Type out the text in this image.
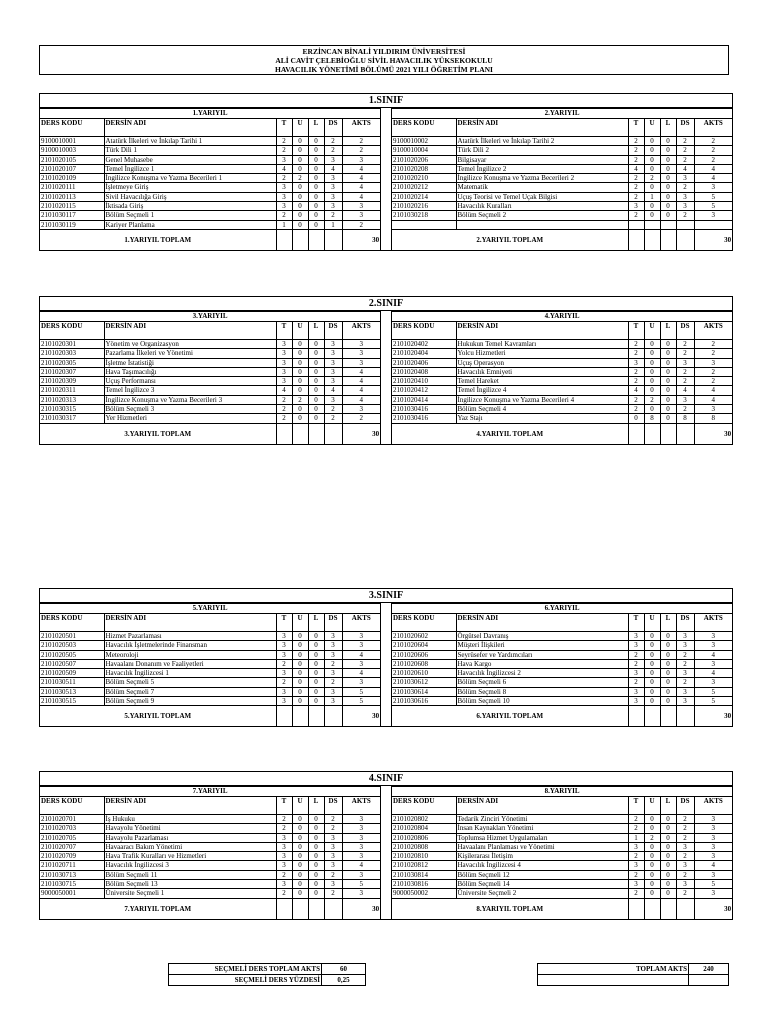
ERZİNCAN BİNALİ YILDIRIM ÜNİVERSİTESİ
ALİ CAVİT ÇELEBİOĞLU SİVİL HAVACILIK YÜKSEKOKULU
HAVACILIK YÖNETİMİ BÖLÜMÜ 2021 YILI ÖĞRETİM PLANI
1.SINIF
1.YARIYIL						
DERS KODU	DERSİN ADI	T	U	L	DS	AKTS
9100010001	Atatürk İlkeleri ve İnkılap Tarihi 1	2	0	0	2	2
9100010003	Türk Dili 1	2	0	0	2	2
2101020105	Genel Muhasebe	3	0	0	3	3
2101020107	Temel İngilizce 1	4	0	0	4	4
2101020109	İngilizce Konuşma ve Yazma Becerileri 1	2	2	0	3	4
2101020111	İşletmeye Giriş	3	0	0	3	4
2101020113	Sivil Havacılığa Giriş	3	0	0	3	4
2101020115	İktisada Giriş	3	0	0	3	3
2101030117	Bölüm Seçmeli 1	2	0	0	2	3
2101030119	Kariyer Planlama	1	0	0	1	2
1.YARIYIL TOPLAM						30
2.YARIYIL						
DERS KODU	DERSİN ADI	T	U	L	DS	AKTS
9100010002	Atatürk İlkeleri ve İnkılap Tarihi 2	2	0	0	2	2
9100010004	Türk Dili 2	2	0	0	2	2
2101020206	Bilgisayar	2	0	0	2	2
2101020208	Temel İngilizce 2	4	0	0	4	4
2101020210	İngilizce Konuşma ve Yazma Becerileri 2	2	2	0	3	4
2101020212	Matematik	2	0	0	2	3
2101020214	Uçuş Teorisi ve Temel Uçak Bilgisi	2	1	0	3	5
2101020216	Havacılık Kuralları	3	0	0	3	5
2101030218	Bölüm Seçmeli 2	2	0	0	2	3

2.YARIYIL TOPLAM						30
2.SINIF
3.YARIYIL						
DERS KODU	DERSİN ADI	T	U	L	DS	AKTS
2101020301	Yönetim ve Organizasyon	3	0	0	3	3
2101020303	Pazarlama İlkeleri ve Yönetimi	3	0	0	3	3
2101020305	İşletme İstatistiği	3	0	0	3	3
2101020307	Hava Taşımacılığı	3	0	0	3	4
2101020309	Uçuş Performansı	3	0	0	3	4
2101020311	Temel İngilizce 3	4	0	0	4	4
2101020313	İngilizce Konuşma ve Yazma Becerileri 3	2	2	0	3	4
2101030315	Bölüm Seçmeli 3	2	0	0	2	3
2101030317	Yer Hizmetleri	2	0	0	2	2
3.YARIYIL TOPLAM						30
4.YARIYIL						
DERS KODU	DERSİN ADI	T	U	L	DS	AKTS
2101020402	Hukukun Temel Kavramları	2	0	0	2	2
2101020404	Yolcu Hizmetleri	2	0	0	2	2
2101020406	Uçuş Operasyon	3	0	0	3	3
2101020408	Havacılık Emniyeti	2	0	0	2	2
2101020410	Temel Hareket	2	0	0	2	2
2101020412	Temel İngilizce 4	4	0	0	4	4
2101020414	İngilizce Konuşma ve Yazma Becerileri 4	2	2	0	3	4
2101030416	Bölüm Seçmeli 4	2	0	0	2	3
2101030416	Yaz Stajı	0	8	0	8	8
4.YARIYIL TOPLAM						30
3.SINIF
5.YARIYIL						
DERS KODU	DERSİN ADI	T	U	L	DS	AKTS
2101020501	Hizmet Pazarlaması	3	0	0	3	3
2101020503	Havacılık İşletmelerinde Finansman	3	0	0	3	3
2101020505	Meteoroloji	3	0	0	3	4
2101020507	Havaalanı Donanım ve Faaliyetleri	2	0	0	2	3
2101020509	Havacılık İngilizcesi 1	3	0	0	3	4
2101030511	Bölüm Seçmeli 5	2	0	0	2	3
2101030513	Bölüm Seçmeli 7	3	0	0	3	5
2101030515	Bölüm Seçmeli 9	3	0	0	3	5
5.YARIYIL TOPLAM						30
6.YARIYIL						
DERS KODU	DERSİN ADI	T	U	L	DS	AKTS
2101020602	Örgütsel Davranış	3	0	0	3	3
2101020604	Müşteri İlişkileri	3	0	0	3	3
2101020606	Seyrüsefer ve Yardımcıları	2	0	0	2	4
2101020608	Hava Kargo	2	0	0	2	3
2101020610	Havacılık İngilizcesi 2	3	0	0	3	4
2101030612	Bölüm Seçmeli 6	2	0	0	2	3
2101030614	Bölüm Seçmeli 8	3	0	0	3	5
2101030616	Bölüm Seçmeli 10	3	0	0	3	5
6.YARIYIL TOPLAM						30
4.SINIF
7.YARIYIL						
DERS KODU	DERSİN ADI	T	U	L	DS	AKTS
2101020701	İş Hukuku	2	0	0	2	3
2101020703	Havayolu Yönetimi	2	0	0	2	3
2101020705	Havayolu Pazarlaması	3	0	0	3	3
2101020707	Havaaracı Bakım Yönetimi	3	0	0	3	3
2101020709	Hava Trafik Kuralları ve Hizmetleri	3	0	0	3	3
2101020711	Havacılık İngilizcesi 3	3	0	0	3	4
2101030713	Bölüm Seçmeli 11	2	0	0	2	3
2101030715	Bölüm Seçmeli 13	3	0	0	3	5
9000050001	Üniversite Seçmeli 1	2	0	0	2	3
7.YARIYIL TOPLAM						30
8.YARIYIL						
DERS KODU	DERSİN ADI	T	U	L	DS	AKTS
2101020802	Tedarik Zinciri Yönetimi	2	0	0	2	3
2101020804	İnsan Kaynakları Yönetimi	2	0	0	2	3
2101020806	Toplumsa Hizmet Uygulamaları	1	2	0	2	3
2101020808	Havaalanı Planlaması ve Yönetimi	3	0	0	3	3
2101020810	Kişilerarası İletişim	2	0	0	2	3
2101020812	Havacılık İngilizcesi 4	3	0	0	3	4
2101030814	Bölüm Seçmeli 12	2	0	0	2	3
2101030816	Bölüm Seçmeli 14	3	0	0	3	5
9000050002	Üniversite Seçmeli 2	2	0	0	2	3
8.YARIYIL TOPLAM						30
SEÇMELİ DERS TOPLAM AKTS	60
SEÇMELİ DERS YÜZDESİ	0,25
TOPLAM AKTS	240
